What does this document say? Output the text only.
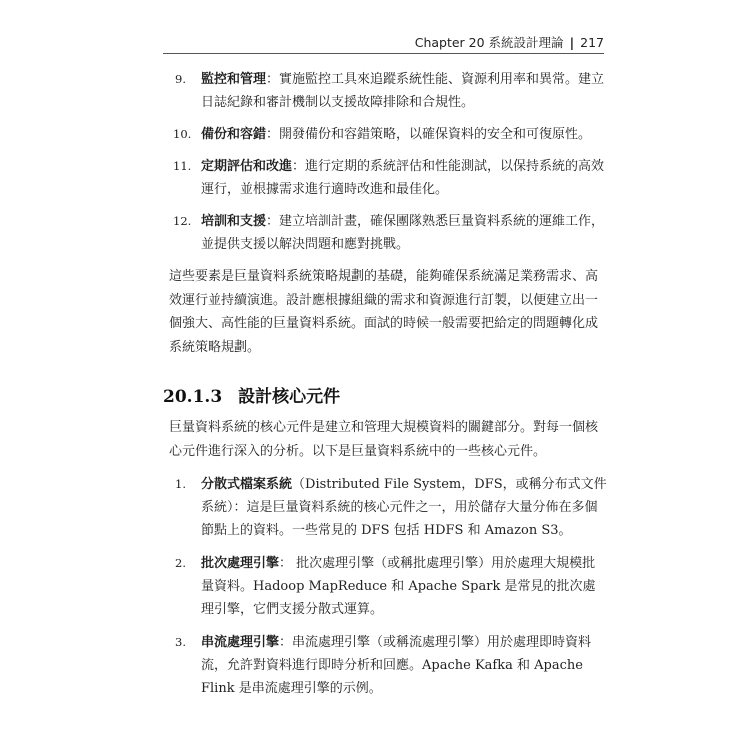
Chapter 20 系統設計理論 | 217
9.	監控和管理：實施監控工具來追蹤系統性能、資源利用率和異常。建立日誌紀錄和審計機制以支援故障排除和合規性。
10. 備份和容錯：開發備份和容錯策略，以確保資料的安全和可復原性。
11. 定期評估和改進：進行定期的系統評估和性能測試，以保持系統的高效運行，並根據需求進行適時改進和最佳化。
12. 培訓和支援：建立培訓計畫，確保團隊熟悉巨量資料系統的運維工作，並提供支援以解決問題和應對挑戰。
這些要素是巨量資料系統策略規劃的基礎，能夠確保系統滿足業務需求、高效運行並持續演進。設計應根據組織的需求和資源進行訂製，以便建立出一個強大、高性能的巨量資料系統。面試的時候一般需要把給定的問題轉化成系統策略規劃。
20.1.3 設計核心元件
巨量資料系統的核心元件是建立和管理大規模資料的關鍵部分。對每一個核心元件進行深入的分析。以下是巨量資料系統中的一些核心元件。
1.	分散式檔案系統（Distributed File System，DFS，或稱分布式文件系統）：這是巨量資料系統的核心元件之一，用於儲存大量分佈在多個節點上的資料。一些常見的 DFS 包括 HDFS 和 Amazon S3。
2.	批次處理引擎： 批次處理引擎（或稱批處理引擎）用於處理大規模批量資料。Hadoop MapReduce 和 Apache Spark 是常見的批次處理引擎，它們支援分散式運算。
3.	串流處理引擎：串流處理引擎（或稱流處理引擎）用於處理即時資料流，允許對資料進行即時分析和回應。Apache Kafka 和 Apache Flink 是串流處理引擎的示例。
